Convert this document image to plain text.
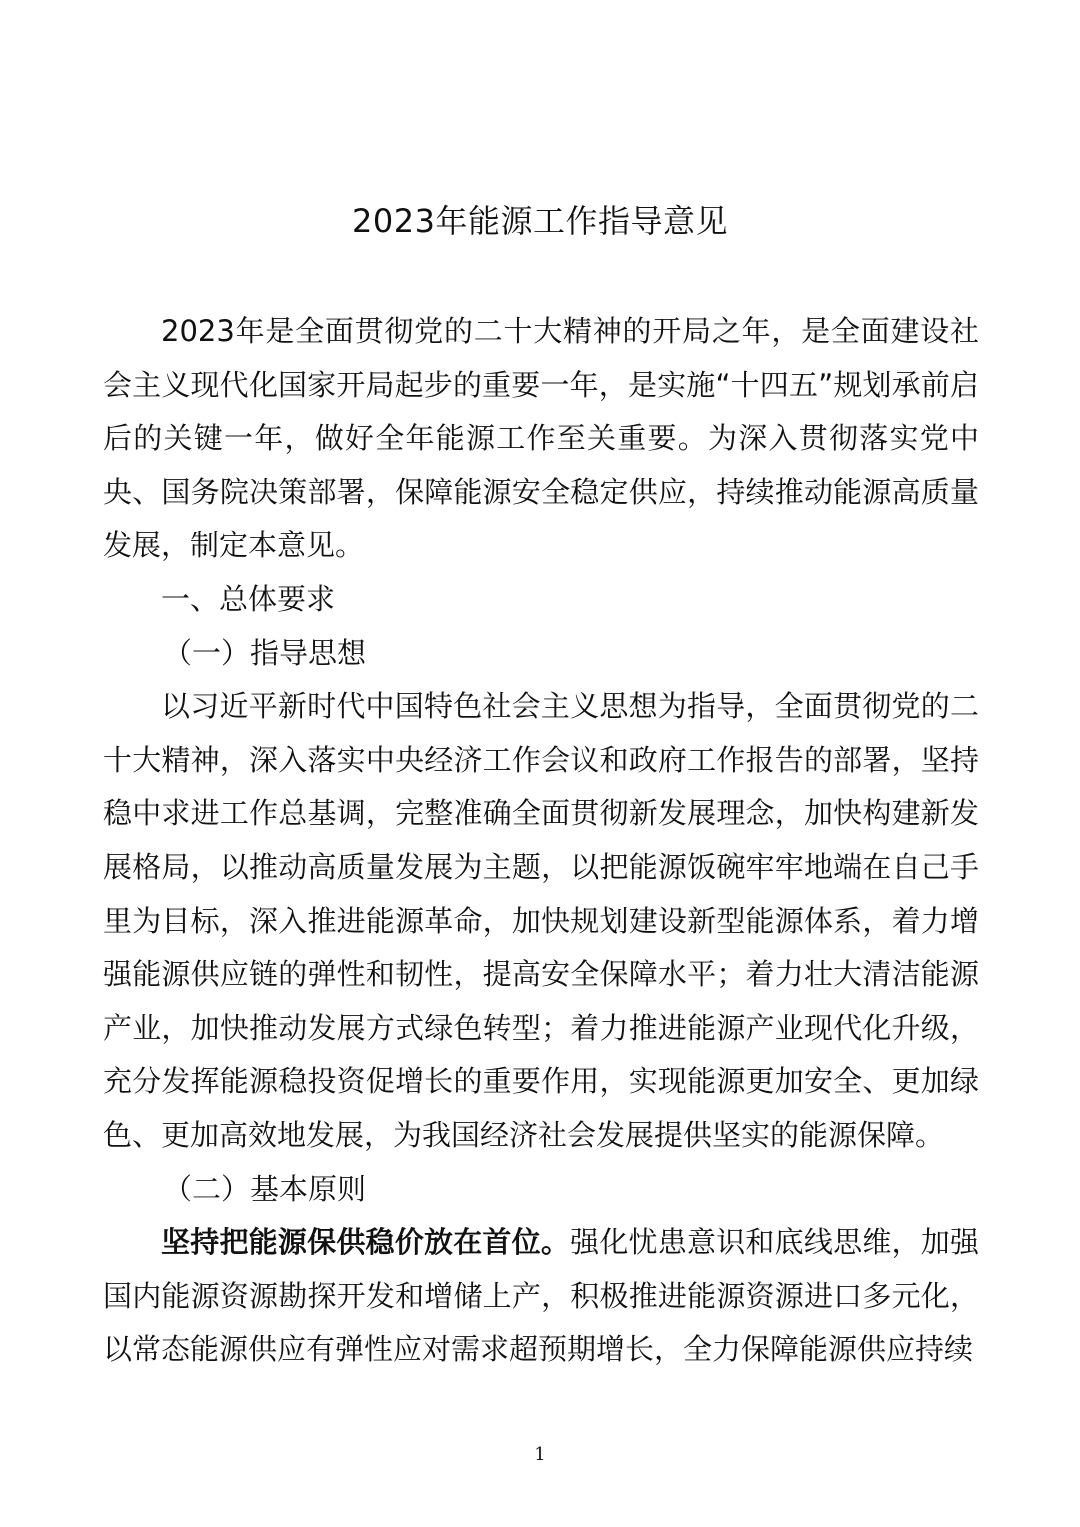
2023年能源工作指导意见

2023年是全面贯彻党的二十大精神的开局之年，是全面建设社会主义现代化国家开局起步的重要一年，是实施“十四五”规划承前启后的关键一年，做好全年能源工作至关重要。为深入贯彻落实党中央、国务院决策部署，保障能源安全稳定供应，持续推动能源高质量发展，制定本意见。

一、总体要求

（一）指导思想

以习近平新时代中国特色社会主义思想为指导，全面贯彻党的二十大精神，深入落实中央经济工作会议和政府工作报告的部署，坚持稳中求进工作总基调，完整准确全面贯彻新发展理念，加快构建新发展格局，以推动高质量发展为主题，以把能源饭碗牢牢地端在自己手里为目标，深入推进能源革命，加快规划建设新型能源体系，着力增强能源供应链的弹性和韧性，提高安全保障水平；着力壮大清洁能源产业，加快推动发展方式绿色转型；着力推进能源产业现代化升级，充分发挥能源稳投资促增长的重要作用，实现能源更加安全、更加绿色、更加高效地发展，为我国经济社会发展提供坚实的能源保障。

（二）基本原则

坚持把能源保供稳价放在首位。强化忧患意识和底线思维，加强国内能源资源勘探开发和增储上产，积极推进能源资源进口多元化，以常态能源供应有弹性应对需求超预期增长，全力保障能源供应持续

1
